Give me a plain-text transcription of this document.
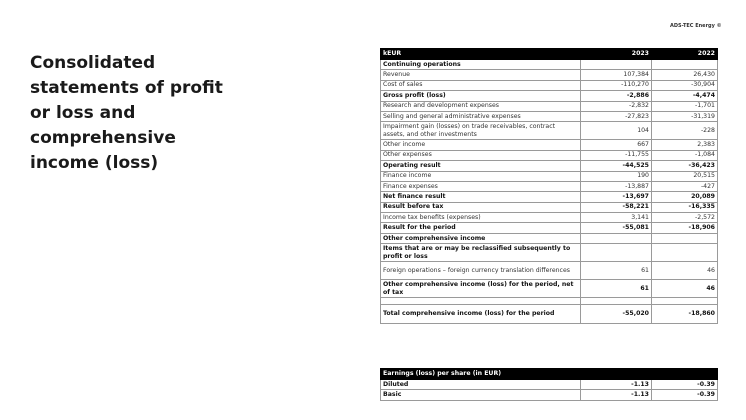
ADS-TEC Energy ©
Consolidated
statements of profit
or loss and
comprehensive
income (loss)
kEUR	2023	2022
Continuing operations		
Revenue	107,384	26,430
Cost of sales	-110,270	-30,904
Gross profit (loss)	-2,886	-4,474
Research and development expenses	-2,832	-1,701
Selling and general administrative expenses	-27,823	-31,319
Impairment gain (losses) on trade receivables, contract assets, and other investments	104	-228
Other income	667	2,383
Other expenses	-11,755	-1,084
Operating result	-44,525	-36,423
Finance income	190	20,515
Finance expenses	-13,887	-427
Net finance result	-13,697	20,089
Result before tax	-58,221	-16,335
Income tax benefits (expenses)	3,141	-2,572
Result for the period	-55,081	-18,906
Other comprehensive income		
Items that are or may be reclassified subsequently to profit or loss		
Foreign operations – foreign currency translation differences	61	46
Other comprehensive income (loss) for the period, net of tax	61	46

Total comprehensive income (loss) for the period	-55,020	-18,860
Earnings (loss) per share (in EUR)		
Diluted	-1.13	-0.39
Basic	-1.13	-0.39
